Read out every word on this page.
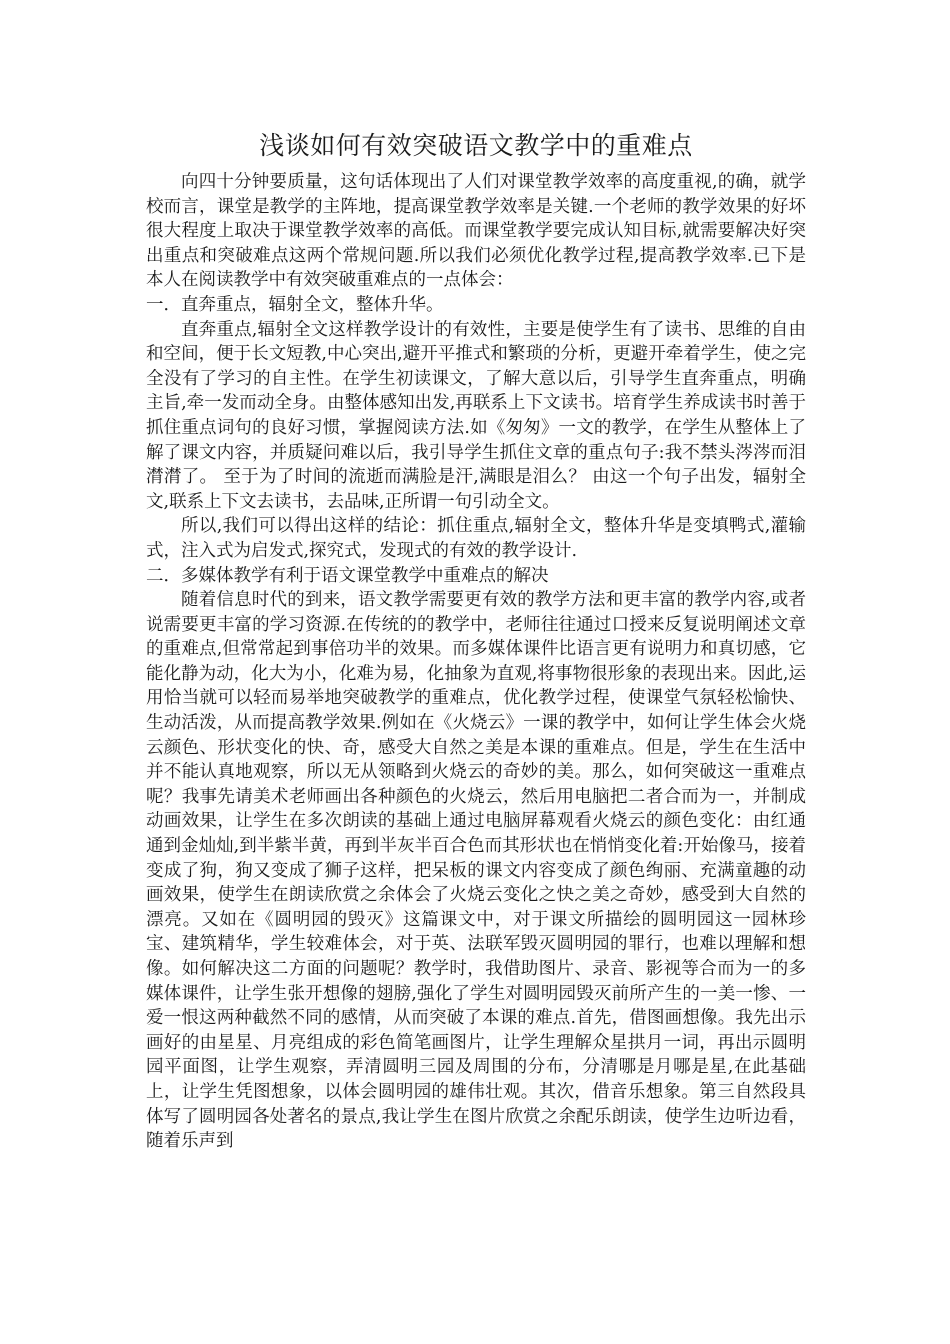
浅谈如何有效突破语文教学中的重难点

向四十分钟要质量，这句话体现出了人们对课堂教学效率的高度重视,的确，就学校而言，课堂是教学的主阵地，提高课堂教学效率是关键.一个老师的教学效果的好坏很大程度上取决于课堂教学效率的高低。而课堂教学要完成认知目标,就需要解决好突出重点和突破难点这两个常规问题.所以我们必须优化教学过程,提高教学效率.已下是本人在阅读教学中有效突破重难点的一点体会：

一．直奔重点，辐射全文，整体升华。

直奔重点,辐射全文这样教学设计的有效性，主要是使学生有了读书、思维的自由和空间，便于长文短教,中心突出,避开平推式和繁琐的分析，更避开牵着学生，使之完全没有了学习的自主性。在学生初读课文，了解大意以后，引导学生直奔重点，明确主旨,牵一发而动全身。由整体感知出发,再联系上下文读书。培育学生养成读书时善于抓住重点词句的良好习惯，掌握阅读方法.如《匆匆》一文的教学，在学生从整体上了解了课文内容，并质疑问难以后，我引导学生抓住文章的重点句子:我不禁头涔涔而泪潸潸了。 至于为了时间的流逝而满脸是汗,满眼是泪么？ 由这一个句子出发，辐射全文,联系上下文去读书，去品味,正所谓一句引动全文。

所以,我们可以得出这样的结论：抓住重点,辐射全文，整体升华是变填鸭式,灌输式，注入式为启发式,探究式，发现式的有效的教学设计.

二．多媒体教学有利于语文课堂教学中重难点的解决

随着信息时代的到来，语文教学需要更有效的教学方法和更丰富的教学内容,或者说需要更丰富的学习资源.在传统的的教学中，老师往往通过口授来反复说明阐述文章的重难点,但常常起到事倍功半的效果。而多媒体课件比语言更有说明力和真切感，它能化静为动，化大为小，化难为易，化抽象为直观,将事物很形象的表现出来。因此,运用恰当就可以轻而易举地突破教学的重难点，优化教学过程，使课堂气氛轻松愉快、生动活泼，从而提高教学效果.例如在《火烧云》一课的教学中，如何让学生体会火烧云颜色、形状变化的快、奇，感受大自然之美是本课的重难点。但是，学生在生活中并不能认真地观察，所以无从领略到火烧云的奇妙的美。那么，如何突破这一重难点呢？我事先请美术老师画出各种颜色的火烧云，然后用电脑把二者合而为一，并制成动画效果，让学生在多次朗读的基础上通过电脑屏幕观看火烧云的颜色变化：由红通通到金灿灿,到半紫半黄，再到半灰半百合色而其形状也在悄悄变化着:开始像马，接着变成了狗，狗又变成了狮子这样，把呆板的课文内容变成了颜色绚丽、充满童趣的动画效果，使学生在朗读欣赏之余体会了火烧云变化之快之美之奇妙，感受到大自然的漂亮。又如在《圆明园的毁灭》这篇课文中，对于课文所描绘的圆明园这一园林珍宝、建筑精华，学生较难体会，对于英、法联军毁灭圆明园的罪行，也难以理解和想像。如何解决这二方面的问题呢？教学时，我借助图片、录音、影视等合而为一的多媒体课件，让学生张开想像的翅膀,强化了学生对圆明园毁灭前所产生的一美一惨、一爱一恨这两种截然不同的感情，从而突破了本课的难点.首先，借图画想像。我先出示画好的由星星、月亮组成的彩色简笔画图片，让学生理解众星拱月一词，再出示圆明园平面图，让学生观察，弄清圆明三园及周围的分布，分清哪是月哪是星,在此基础上，让学生凭图想象，以体会圆明园的雄伟壮观。其次，借音乐想象。第三自然段具体写了圆明园各处著名的景点,我让学生在图片欣赏之余配乐朗读，使学生边听边看，随着乐声到
